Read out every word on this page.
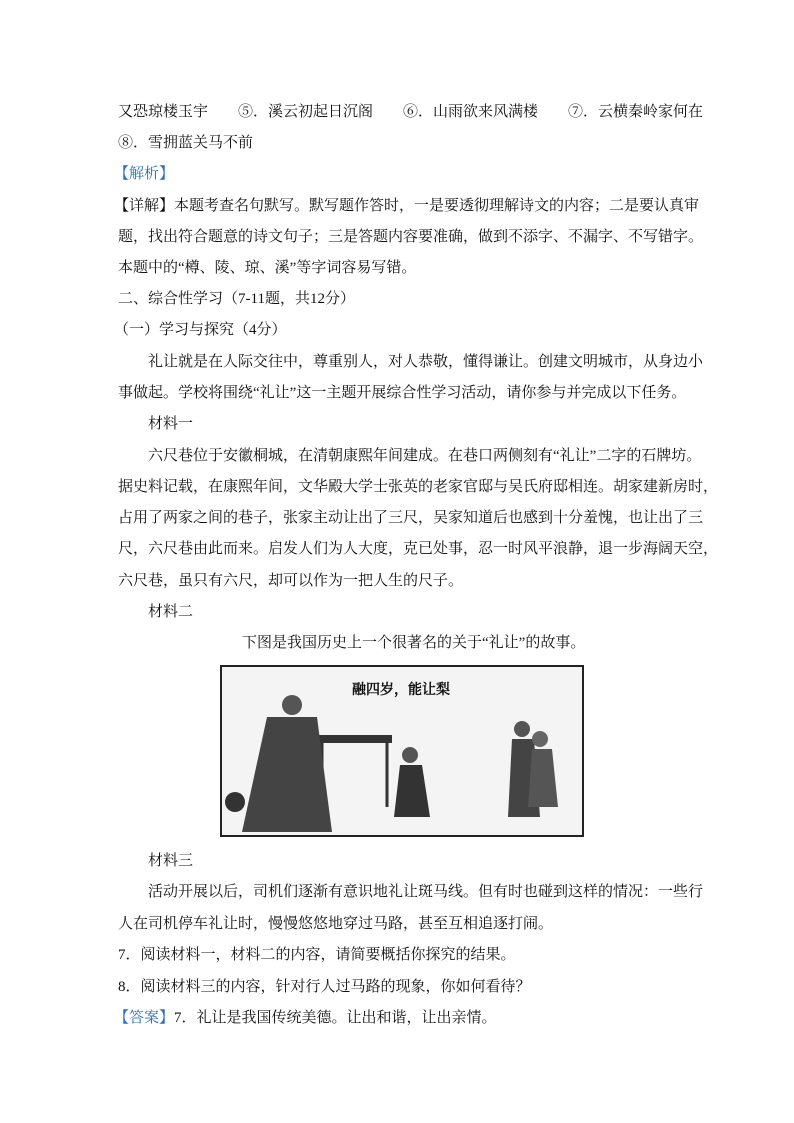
又恐琼楼玉宇　　⑤．溪云初起日沉阁　　⑥．山雨欲来风满楼　　⑦．云横秦岭家何在
⑧．雪拥蓝关马不前
【解析】
【详解】本题考查名句默写。默写题作答时，一是要透彻理解诗文的内容；二是要认真审
题，找出符合题意的诗文句子；三是答题内容要准确，做到不添字、不漏字、不写错字。
本题中的“樽、陵、琼、溪”等字词容易写错。
二、综合性学习（7-11题，共12分）
（一）学习与探究（4分）
礼让就是在人际交往中，尊重别人，对人恭敬，懂得谦让。创建文明城市，从身边小
事做起。学校将围绕“礼让”这一主题开展综合性学习活动，请你参与并完成以下任务。
材料一
六尺巷位于安徽桐城，在清朝康熙年间建成。在巷口两侧刻有“礼让”二字的石牌坊。
据史料记载，在康熙年间，文华殿大学士张英的老家官邸与吴氏府邸相连。胡家建新房时，
占用了两家之间的巷子，张家主动让出了三尺，吴家知道后也感到十分羞愧，也让出了三
尺，六尺巷由此而来。启发人们为人大度，克已处事，忍一时风平浪静，退一步海阔天空，
六尺巷，虽只有六尺，却可以作为一把人生的尺子。
材料二
下图是我国历史上一个很著名的关于“礼让”的故事。
融四岁，能让梨
材料三
活动开展以后，司机们逐渐有意识地礼让斑马线。但有时也碰到这样的情况：一些行
人在司机停车礼让时，慢慢悠悠地穿过马路，甚至互相追逐打闹。
7．阅读材料一，材料二的内容，请简要概括你探究的结果。
8．阅读材料三的内容，针对行人过马路的现象，你如何看待？
【答案】7．礼让是我国传统美德。让出和谐，让出亲情。
